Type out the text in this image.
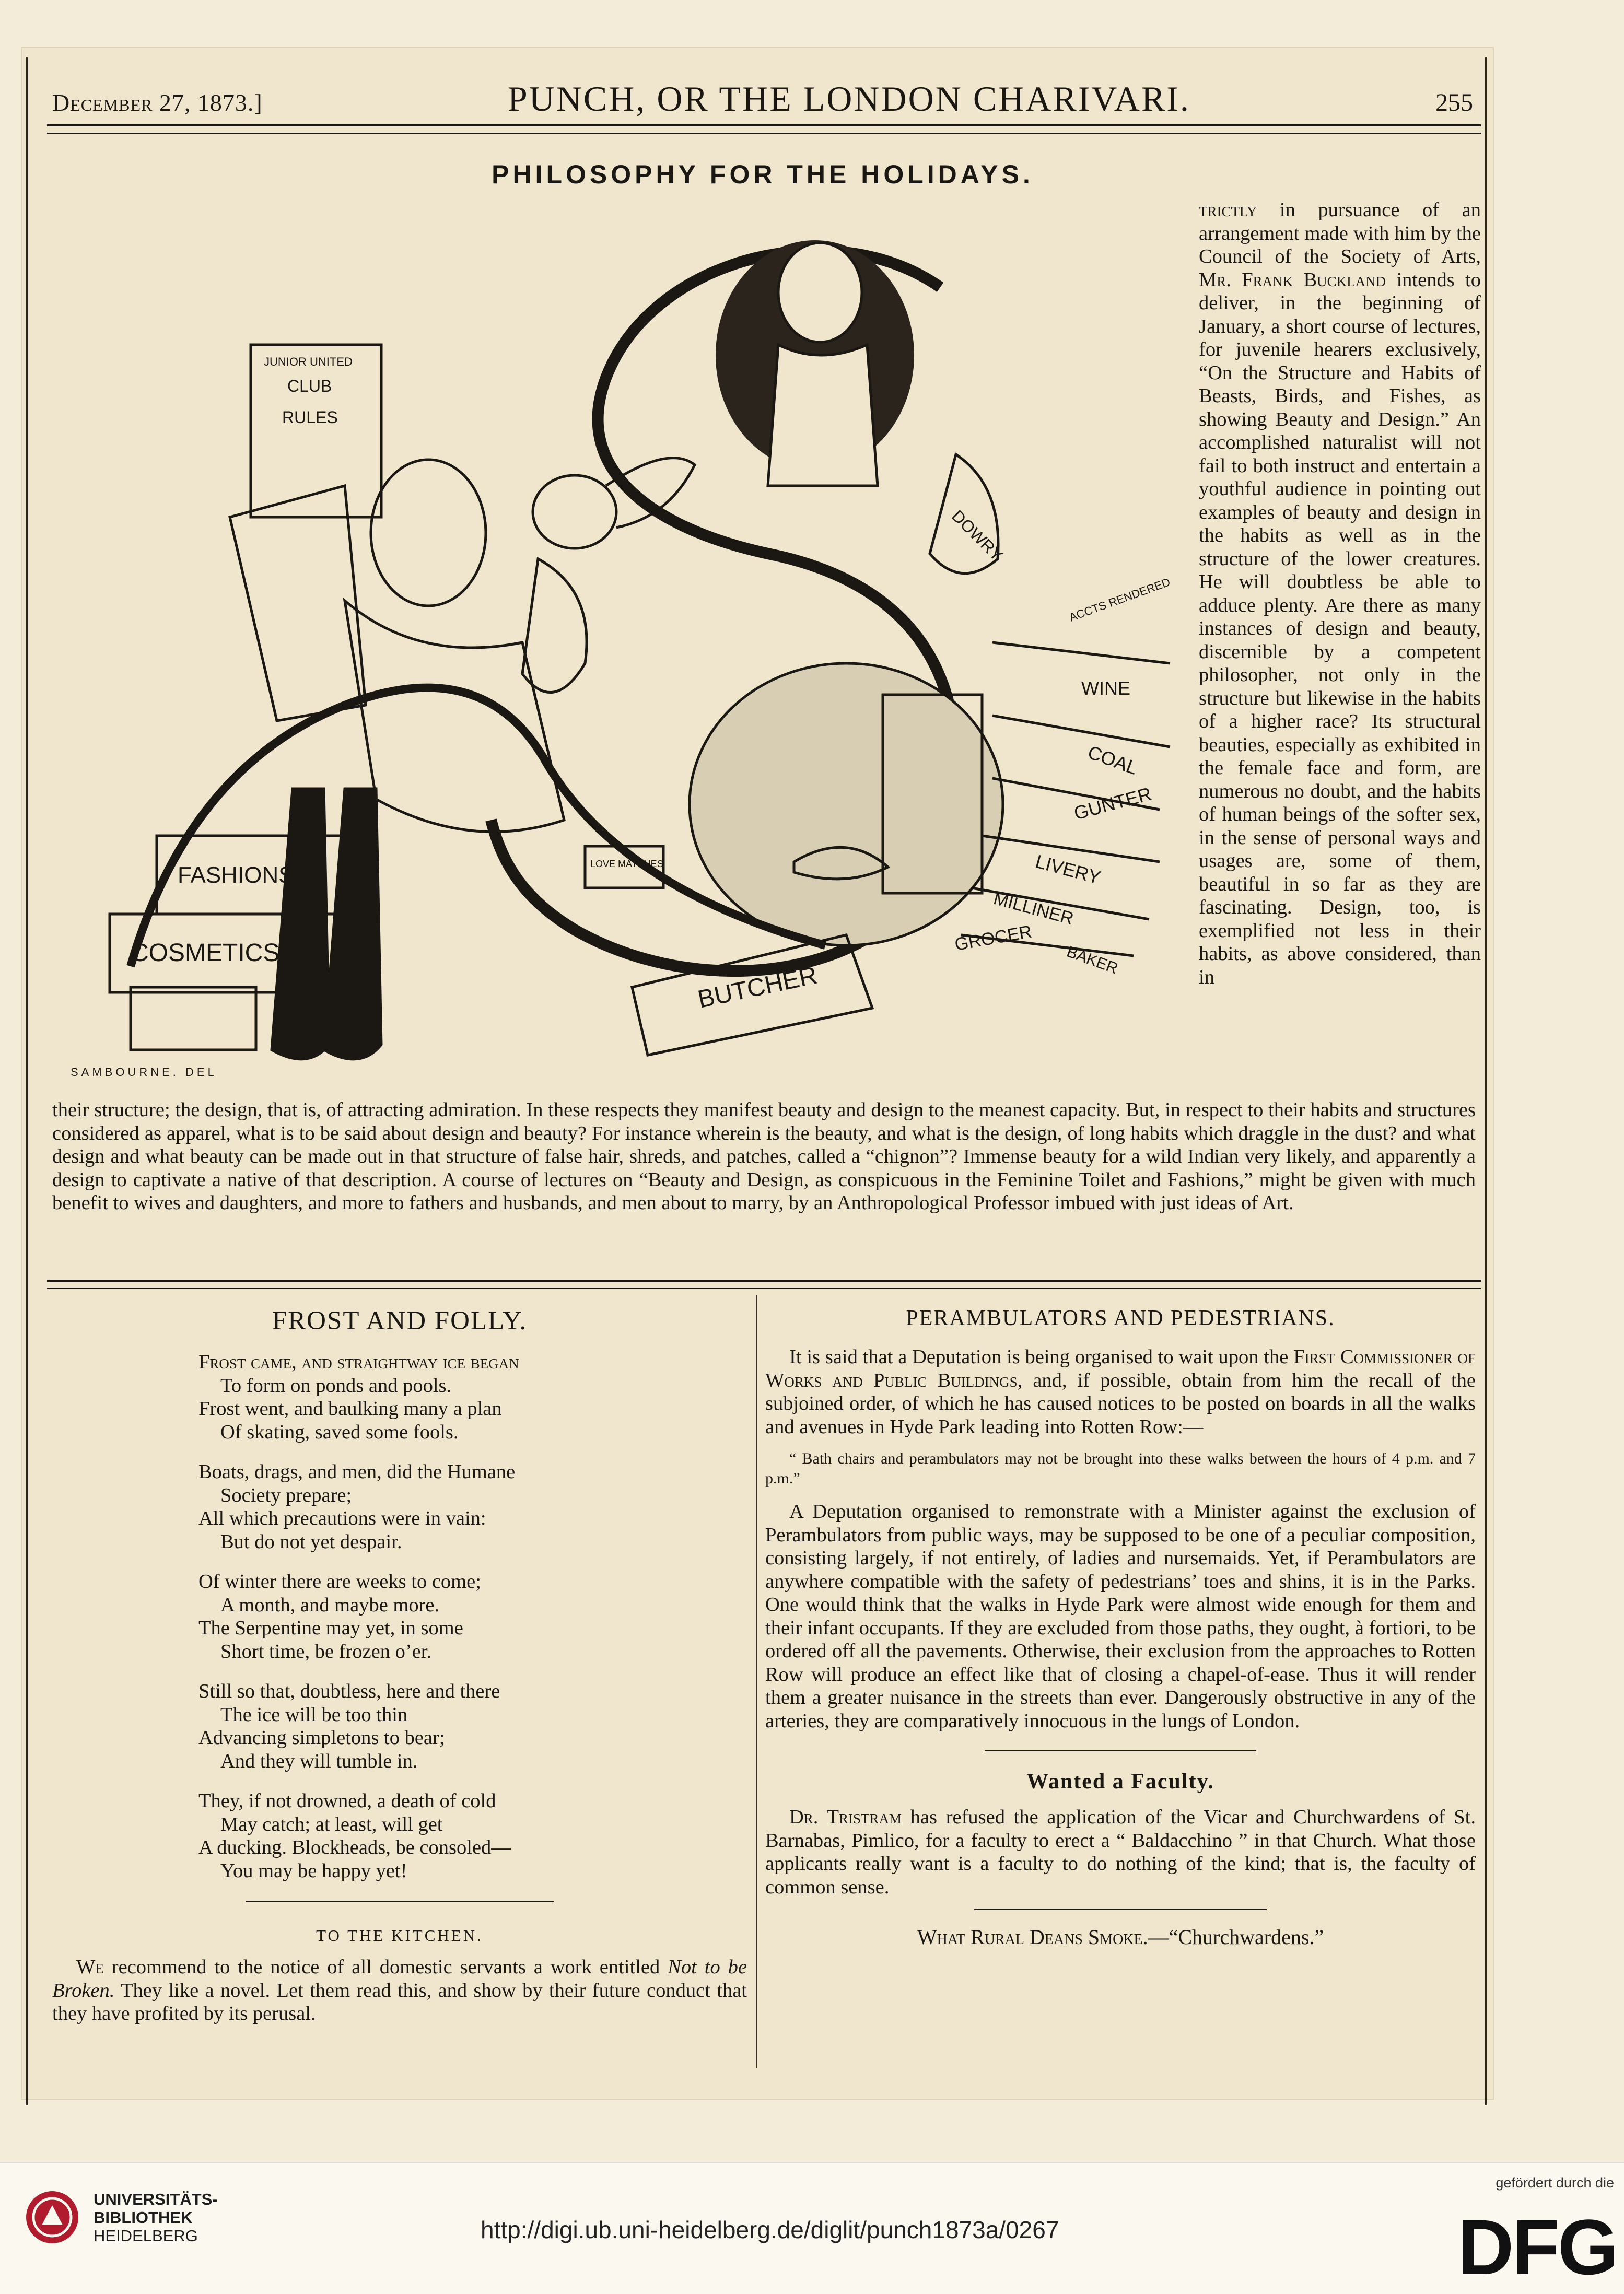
December 27, 1873.]	PUNCH, OR THE LONDON CHARIVARI.	255
PHILOSOPHY FOR THE HOLIDAYS.
JUNIOR UNITED
CLUB
RULES
FASHIONS
COSMETICS
LOVE MATCHES
DOWRY
ACCTS RENDERED
WINE
COAL
GUNTER
LIVERY
MILLINER
GROCER
BAKER
BUTCHER
SAMBOURNE. DEL
trictly in pursuance of an arrangement made with him by the Council of the Society of Arts, Mr. Frank Buckland intends to deliver, in the beginning of January, a short course of lectures, for juvenile hearers exclusively, “On the Structure and Habits of Beasts, Birds, and Fishes, as showing Beauty and Design.” An accomplished naturalist will not fail to both instruct and entertain a youthful audience in pointing out examples of beauty and design in the habits as well as in the structure of the lower creatures. He will doubtless be able to adduce plenty. Are there as many instances of design and beauty, discernible by a competent philosopher, not only in the structure but likewise in the habits of a higher race? Its structural beauties, especially as exhibited in the female face and form, are numerous no doubt, and the habits of human beings of the softer sex, in the sense of personal ways and usages are, some of them, beautiful in so far as they are fascinating. Design, too, is exemplified not less in their habits, as above considered, than in
their structure; the design, that is, of attracting admiration. In these respects they manifest beauty and design to the meanest capacity. But, in respect to their habits and structures considered as apparel, what is to be said about design and beauty? For instance wherein is the beauty, and what is the design, of long habits which draggle in the dust? and what design and what beauty can be made out in that structure of false hair, shreds, and patches, called a “chignon”? Immense beauty for a wild Indian very likely, and apparently a design to captivate a native of that description. A course of lectures on “Beauty and Design, as conspicuous in the Feminine Toilet and Fashions,” might be given with much benefit to wives and daughters, and more to fathers and husbands, and men about to marry, by an Anthropological Professor imbued with just ideas of Art.
FROST AND FOLLY.
Frost came, and straightway ice began
To form on ponds and pools.
Frost went, and baulking many a plan
Of skating, saved some fools.
Boats, drags, and men, did the Humane
Society prepare;
All which precautions were in vain:
But do not yet despair.
Of winter there are weeks to come;
A month, and maybe more.
The Serpentine may yet, in some
Short time, be frozen o’er.
Still so that, doubtless, here and there
The ice will be too thin
Advancing simpletons to bear;
And they will tumble in.
They, if not drowned, a death of cold
May catch; at least, will get
A ducking. Blockheads, be consoled—
You may be happy yet!
TO THE KITCHEN.

We recommend to the notice of all domestic servants a work entitled Not to be Broken. They like a novel. Let them read this, and show by their future conduct that they have profited by its perusal.

PERAMBULATORS AND PEDESTRIANS.

It is said that a Deputation is being organised to wait upon the First Commissioner of Works and Public Buildings, and, if possible, obtain from him the recall of the subjoined order, of which he has caused notices to be posted on boards in all the walks and avenues in Hyde Park leading into Rotten Row:—

“ Bath chairs and perambulators may not be brought into these walks between the hours of 4 p.m. and 7 p.m.”

A Deputation organised to remonstrate with a Minister against the exclusion of Perambulators from public ways, may be supposed to be one of a peculiar composition, consisting largely, if not entirely, of ladies and nursemaids. Yet, if Perambulators are anywhere compatible with the safety of pedestrians’ toes and shins, it is in the Parks. One would think that the walks in Hyde Park were almost wide enough for them and their infant occupants. If they are excluded from those paths, they ought, à fortiori, to be ordered off all the pavements. Otherwise, their exclusion from the approaches to Rotten Row will produce an effect like that of closing a chapel-of-ease. Thus it will render them a greater nuisance in the streets than ever. Dangerously obstructive in any of the arteries, they are comparatively innocuous in the lungs of London.

Wanted a Faculty.

Dr. Tristram has refused the application of the Vicar and Churchwardens of St. Barnabas, Pimlico, for a faculty to erect a “ Baldacchino ” in that Church. What those applicants really want is a faculty to do nothing of the kind; that is, the faculty of common sense.

What Rural Deans Smoke.—“Churchwardens.”
UNIVERSITÄTS-
BIBLIOTHEK
HEIDELBERG	http://digi.ub.uni-heidelberg.de/diglit/punch1873a/0267
gefördert durch die
DFG
